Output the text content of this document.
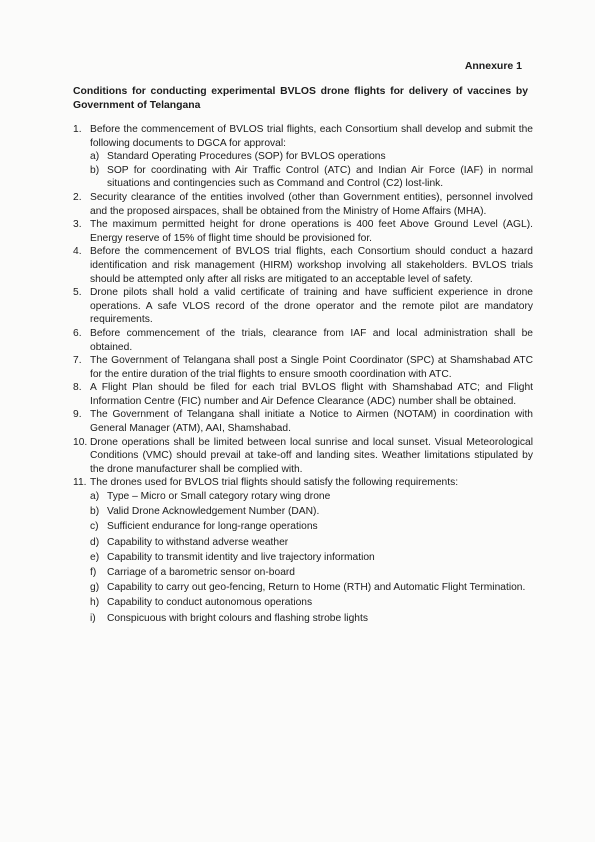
Annexure 1
Conditions for conducting experimental BVLOS drone flights for delivery of vaccines by Government of Telangana
1. Before the commencement of BVLOS trial flights, each Consortium shall develop and submit the following documents to DGCA for approval:
a) Standard Operating Procedures (SOP) for BVLOS operations
b) SOP for coordinating with Air Traffic Control (ATC) and Indian Air Force (IAF) in normal situations and contingencies such as Command and Control (C2) lost-link.
2. Security clearance of the entities involved (other than Government entities), personnel involved and the proposed airspaces, shall be obtained from the Ministry of Home Affairs (MHA).
3. The maximum permitted height for drone operations is 400 feet Above Ground Level (AGL). Energy reserve of 15% of flight time should be provisioned for.
4. Before the commencement of BVLOS trial flights, each Consortium should conduct a hazard identification and risk management (HIRM) workshop involving all stakeholders. BVLOS trials should be attempted only after all risks are mitigated to an acceptable level of safety.
5. Drone pilots shall hold a valid certificate of training and have sufficient experience in drone operations. A safe VLOS record of the drone operator and the remote pilot are mandatory requirements.
6. Before commencement of the trials, clearance from IAF and local administration shall be obtained.
7. The Government of Telangana shall post a Single Point Coordinator (SPC) at Shamshabad ATC for the entire duration of the trial flights to ensure smooth coordination with ATC.
8. A Flight Plan should be filed for each trial BVLOS flight with Shamshabad ATC; and Flight Information Centre (FIC) number and Air Defence Clearance (ADC) number shall be obtained.
9. The Government of Telangana shall initiate a Notice to Airmen (NOTAM) in coordination with General Manager (ATM), AAI, Shamshabad.
10. Drone operations shall be limited between local sunrise and local sunset. Visual Meteorological Conditions (VMC) should prevail at take-off and landing sites. Weather limitations stipulated by the drone manufacturer shall be complied with.
11. The drones used for BVLOS trial flights should satisfy the following requirements:
a) Type – Micro or Small category rotary wing drone
b) Valid Drone Acknowledgement Number (DAN).
c) Sufficient endurance for long-range operations
d) Capability to withstand adverse weather
e) Capability to transmit identity and live trajectory information
f)	Carriage of a barometric sensor on-board
g) Capability to carry out geo-fencing, Return to Home (RTH) and Automatic Flight Termination.
h) Capability to conduct autonomous operations
i)	Conspicuous with bright colours and flashing strobe lights
